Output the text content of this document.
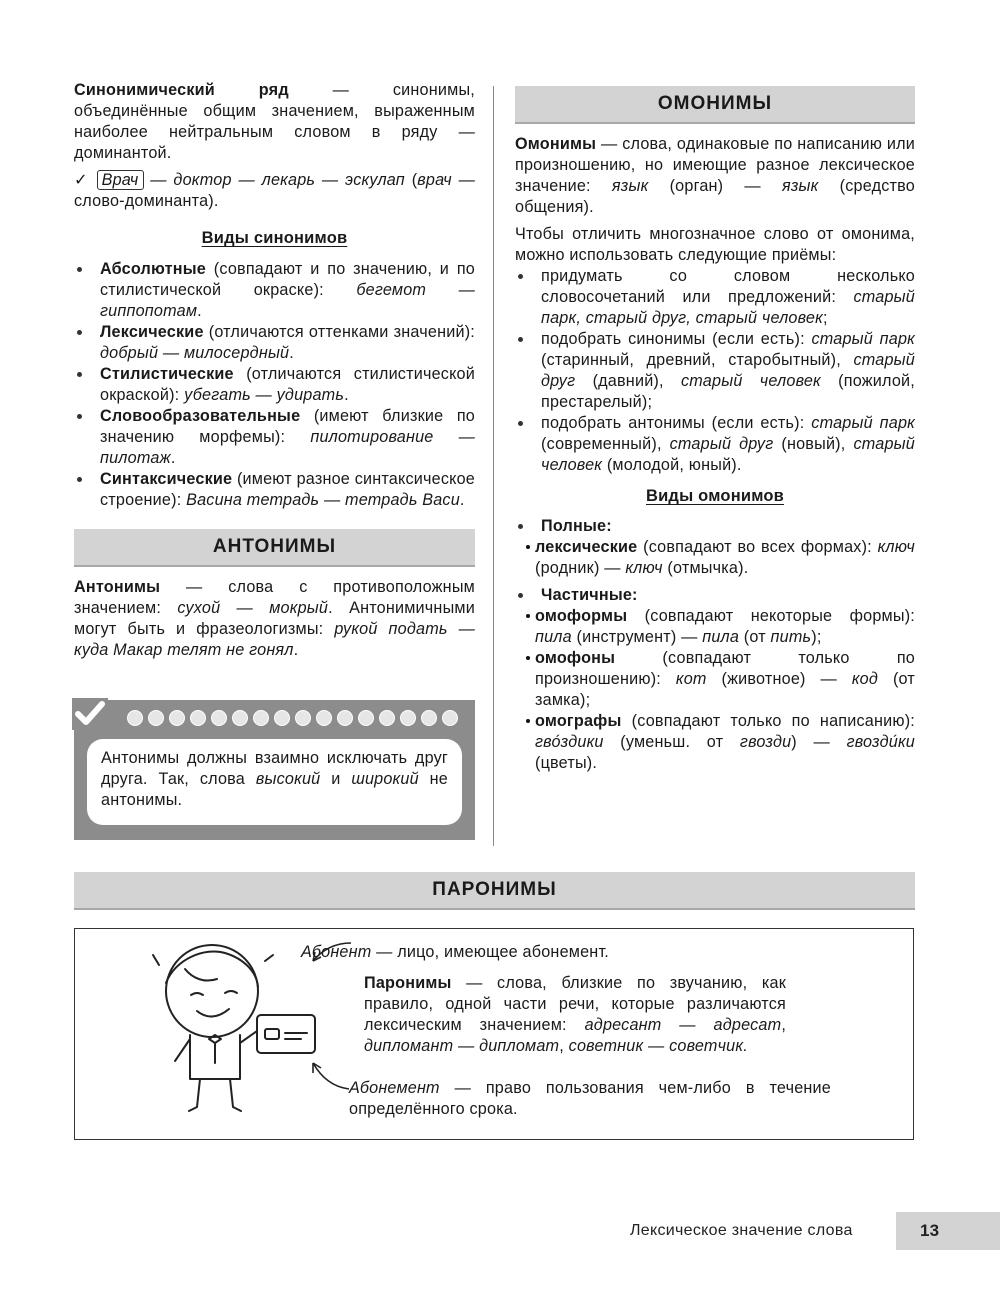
Синонимический ряд — синонимы, объединённые общим значением, выраженным наиболее нейтральным словом в ряду — доминантой.

✓ Врач — доктор — лекарь — эскулап (врач — слово-доминанта).

Виды синонимов
Абсолютные (совпадают и по значению, и по стилистической окраске): бегемот — гиппопотам.
Лексические (отличаются оттенками значений): добрый — милосердный.
Стилистические (отличаются стилистической окраской): убегать — удирать.
Словообразовательные (имеют близкие по значению морфемы): пилотирование — пилотаж.
Синтаксические (имеют разное синтаксическое строение): Васина тетрадь — тетрадь Васи.
АНТОНИМЫ

Антонимы — слова с противоположным значением: сухой — мокрый. Антонимичными могут быть и фразеологизмы: рукой подать — куда Макар телят не гонял.

Антонимы должны взаимно исключать друг друга. Так, слова высокий и широкий не антонимы.

ОМОНИМЫ

Омонимы — слова, одинаковые по написанию или произношению, но имеющие разное лексическое значение: язык (орган) — язык (средство общения).

Чтобы отличить многозначное слово от омонима, можно использовать следующие приёмы:

придумать со словом несколько словосочетаний или предложений: старый парк, старый друг, старый человек;
подобрать синонимы (если есть): старый парк (старинный, древний, старобытный), старый друг (давний), старый человек (пожилой, престарелый);
подобрать антонимы (если есть): старый парк (современный), старый друг (новый), старый человек (молодой, юный).
Виды омонимов
Полные:
лексические (совпадают во всех формах): ключ (родник) — ключ (отмычка).
Частичные:
омоформы (совпадают некоторые формы): пила (инструмент) — пила (от пить);
омофоны (совпадают только по произношению): кот (животное) — код (от замка);
омографы (совпадают только по написанию): гво́здики (уменьш. от гвозди) — гвозди́ки (цветы).
ПАРОНИМЫ

Абонент — лицо, имеющее абонемент.

Паронимы — слова, близкие по звучанию, как правило, одной части речи, которые различаются лексическим значением: адресант — адресат, дипломант — дипломат, советник — советчик.

Абонемент — право пользования чем-либо в течение определённого срока.

Лексическое значение слова	13
